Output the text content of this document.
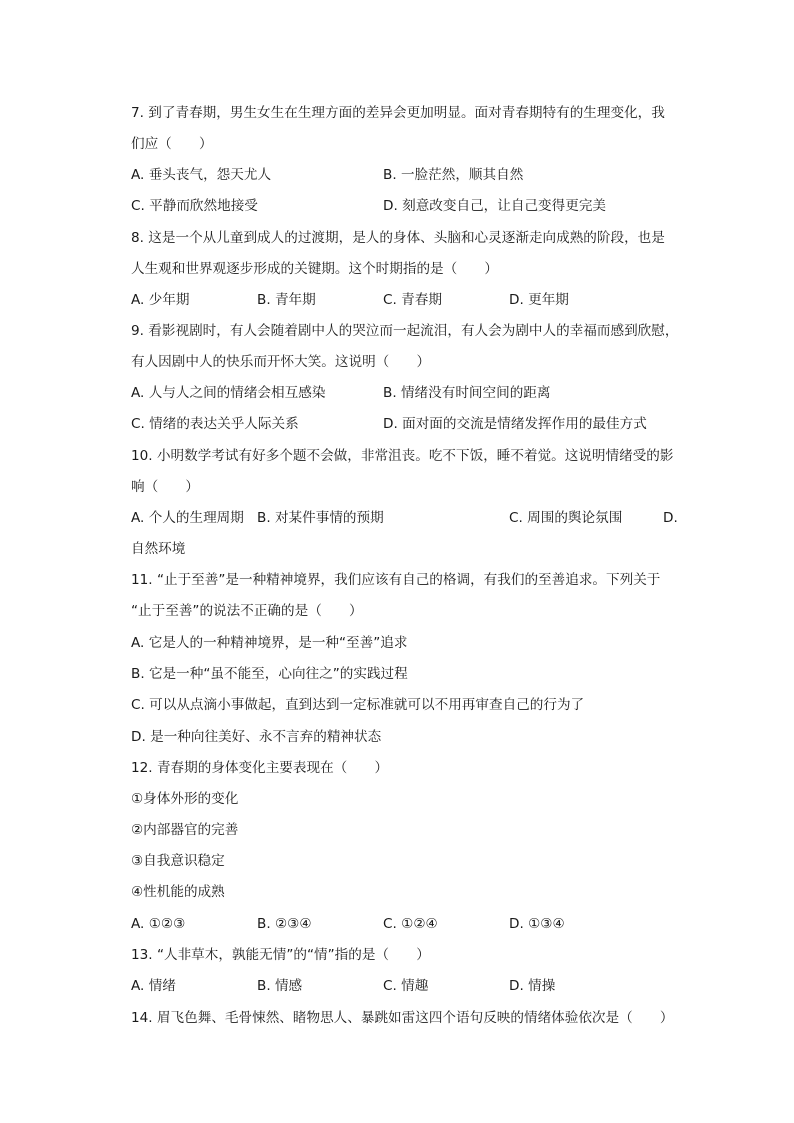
7. 到了青春期，男生女生在生理方面的差异会更加明显。面对青春期特有的生理变化，我
们应（　　）
A. 垂头丧气，怨天尤人	B. 一脸茫然，顺其自然
C. 平静而欣然地接受	D. 刻意改变自己，让自己变得更完美
8. 这是一个从儿童到成人的过渡期，是人的身体、头脑和心灵逐渐走向成熟的阶段，也是
人生观和世界观逐步形成的关键期。这个时期指的是（　　）
A. 少年期	B. 青年期	C. 青春期	D. 更年期
9. 看影视剧时，有人会随着剧中人的哭泣而一起流泪，有人会为剧中人的幸福而感到欣慰，
有人因剧中人的快乐而开怀大笑。这说明（　　）
A. 人与人之间的情绪会相互感染	B. 情绪没有时间空间的距离
C. 情绪的表达关乎人际关系	D. 面对面的交流是情绪发挥作用的最佳方式
10. 小明数学考试有好多个题不会做，非常沮丧。吃不下饭，睡不着觉。这说明情绪受的影
响（　　）
A. 个人的生理周期 B. 对某件事情的预期	C. 周围的舆论氛围	D.
自然环境
11. “止于至善”是一种精神境界，我们应该有自己的格调，有我们的至善追求。下列关于
“止于至善”的说法不正确的是（　　）
A. 它是人的一种精神境界，是一种“至善”追求
B. 它是一种“虽不能至，心向往之”的实践过程
C. 可以从点滴小事做起，直到达到一定标准就可以不用再审查自己的行为了
D. 是一种向往美好、永不言弃的精神状态
12. 青春期的身体变化主要表现在（　　）
①身体外形的变化
②内部器官的完善
③自我意识稳定
④性机能的成熟
A. ①②③	B. ②③④	C. ①②④	D. ①③④
13. “人非草木，孰能无情”的“情”指的是（　　）
A. 情绪	B. 情感	C. 情趣	D. 情操
14. 眉飞色舞、毛骨悚然、睹物思人、暴跳如雷这四个语句反映的情绪体验依次是（　　）
